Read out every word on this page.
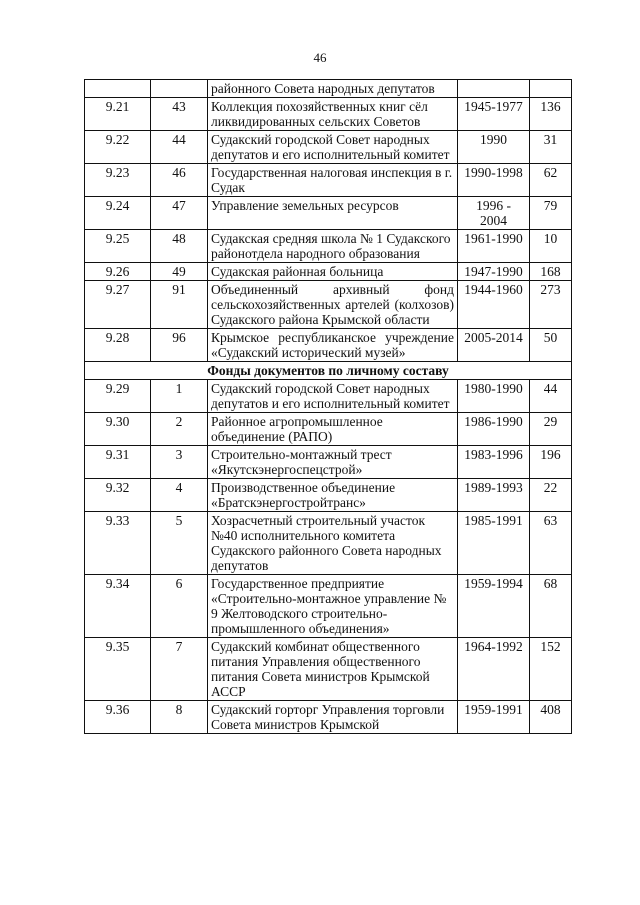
46
		районного Совета народных депутатов		
9.21	43	Коллекция похозяйственных книг сёл ликвидированных сельских Советов	1945-1977	136
9.22	44	Судакский городской Совет народных депутатов и его исполнительный комитет	1990	31
9.23	46	Государственная налоговая инспекция в г. Судак	1990-1998	62
9.24	47	Управление земельных ресурсов	1996 - 2004	79
9.25	48	Судакская средняя школа № 1 Судакского районотдела народного образования	1961-1990	10
9.26	49	Судакская районная больница	1947-1990	168
9.27	91	Объединенный архивный фонд сельскохозяйственных артелей (колхозов) Судакского района Крымской области	1944-1960	273
9.28	96	Крымское республиканское учреждение «Судакский исторический музей»	2005-2014	50
Фонды документов по личному составу				
9.29	1	Судакский городской Совет народных депутатов и его исполнительный комитет	1980-1990	44
9.30	2	Районное агропромышленное объединение (РАПО)	1986-1990	29
9.31	3	Строительно-монтажный трест «Якутскэнергоспецстрой»	1983-1996	196
9.32	4	Производственное объединение «Братскэнергостройтранс»	1989-1993	22
9.33	5	Хозрасчетный строительный участок №40 исполнительного комитета Судакского районного Совета народных депутатов	1985-1991	63
9.34	6	Государственное предприятие «Строительно-монтажное управление № 9 Желтоводского строительно-промышленного объединения»	1959-1994	68
9.35	7	Судакский комбинат общественного питания Управления общественного питания Совета министров Крымской АССР	1964-1992	152
9.36	8	Судакский горторг Управления торговли Совета министров Крымской	1959-1991	408
